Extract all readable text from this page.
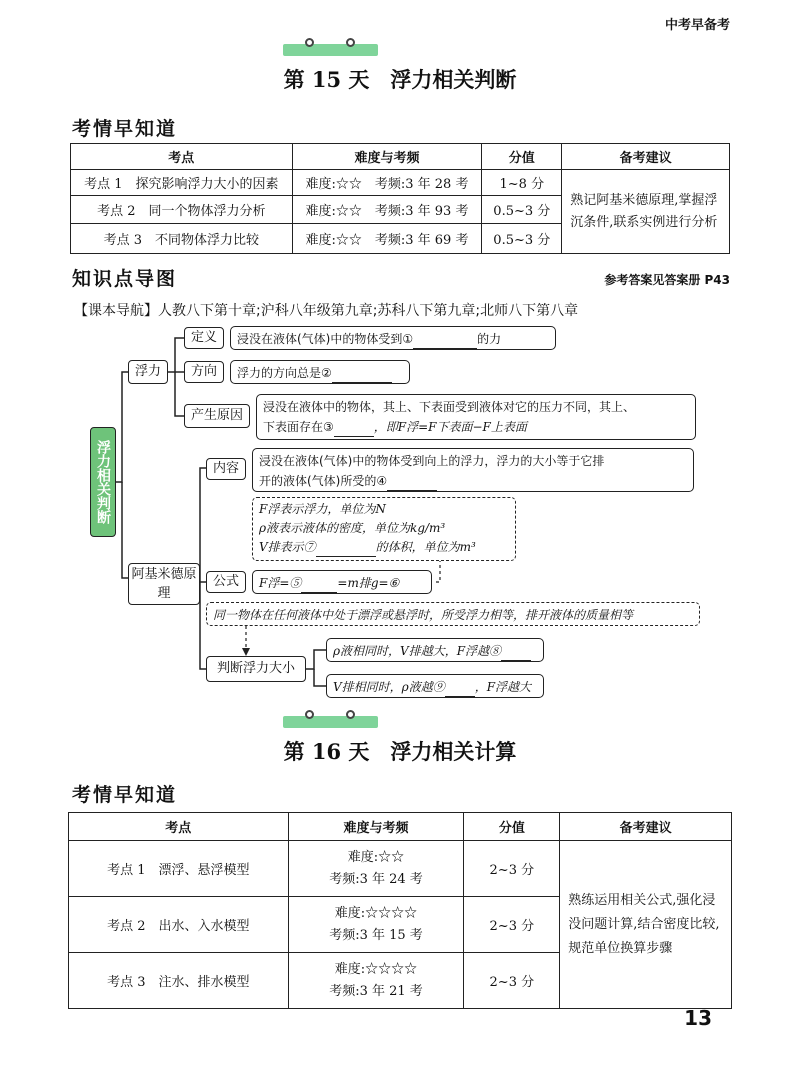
中考早备考
第 15 天　 浮力相关判断
考情早知道
考点	难度与考频	分值	备考建议
考点 1　探究影响浮力大小的因素	难度:☆☆　考频:3 年 28 考	1~8 分	熟记阿基米德原理,掌握浮沉条件,联系实例进行分析
考点 2　同一个物体浮力分析	难度:☆☆　考频:3 年 93 考	0.5~3 分	
考点 3　不同物体浮力比较	难度:☆☆　考频:3 年 69 考	0.5~3 分	
知识点导图	参考答案见答案册 P43
【课本导航】人教八下第十章;沪科八年级第九章;苏科八下第九章;北师八下第八章
浮力相关判断
浮力
阿基米德原理
定义	浸没在液体(气体)中的物体受到①	的力
方向	浮力的方向总是②
产生原因
浸没在液体中的物体，其上、下表面受到液体对它的压力不同，其上、
下表面存在③	，即F浮=F下表面−F上表面
内容	浸没在液体(气体)中的物体受到向上的浮力，浮力的大小等于它排
开的液体(气体)所受的④
F浮表示浮力，单位为N
ρ液表示液体的密度，单位为kg/m³
V排表示⑦	的体积，单位为m³
公式	F浮=⑤	=m排g=⑥
同一物体在任何液体中处于漂浮或悬浮时，所受浮力相等，排开液体的质量相等
判断浮力大小
ρ液相同时，V排越大，F浮越⑧
V排相同时，ρ液越⑨	，F浮越大
第 16 天　 浮力相关计算
考情早知道
考点	难度与考频	分值	备考建议
考点 1　漂浮、悬浮模型	难度:☆☆
考频:3 年 24 考	2~3 分	熟练运用相关公式,强化浸没问题计算,结合密度比较,规范单位换算步骤
考点 2　出水、入水模型	难度:☆☆☆☆
考频:3 年 15 考	2~3 分	
考点 3　注水、排水模型	难度:☆☆☆☆
考频:3 年 21 考	2~3 分	
13
